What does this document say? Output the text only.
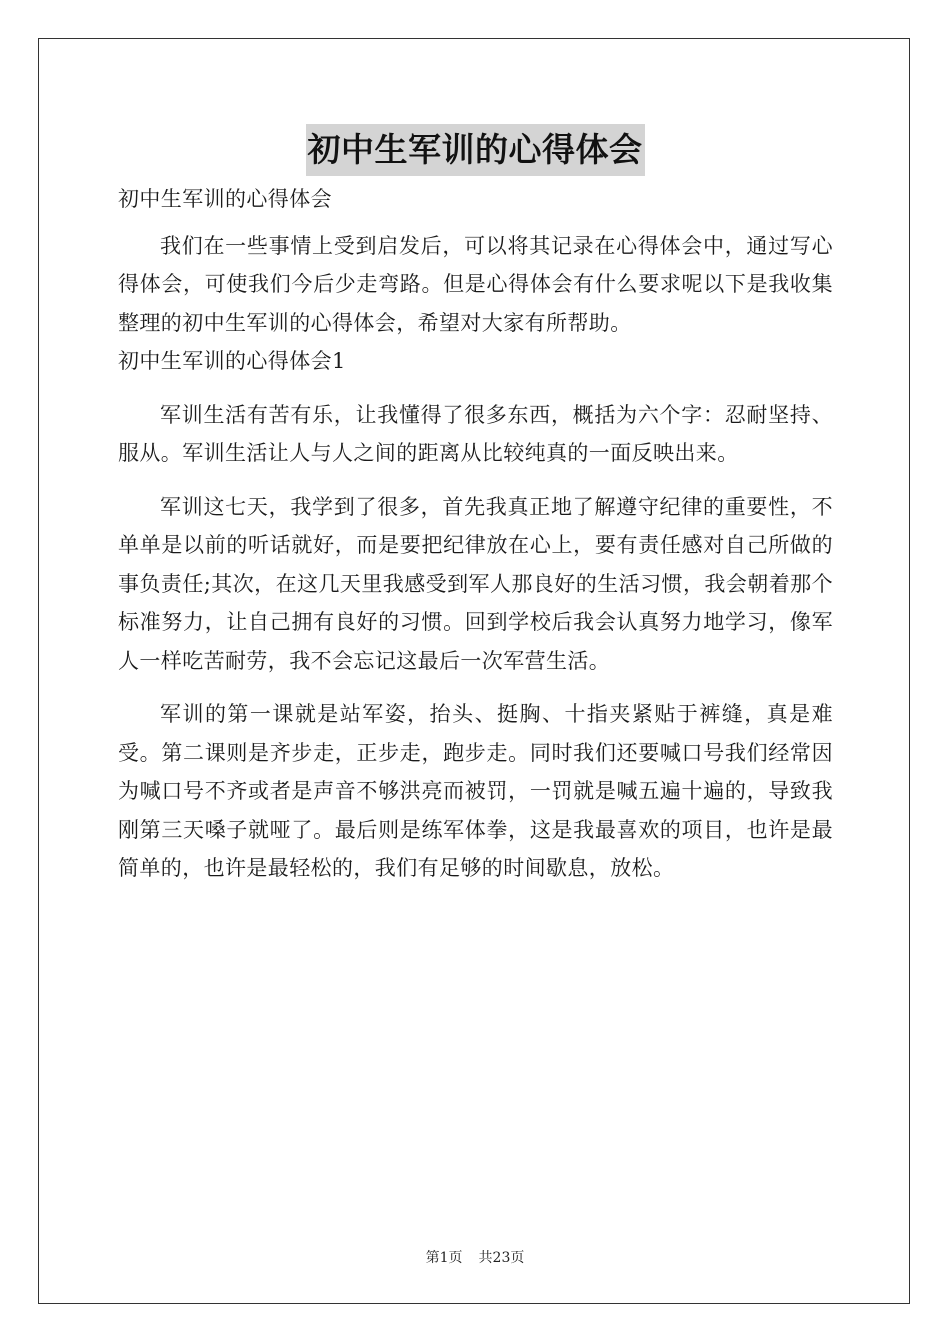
初中生军训的心得体会

初中生军训的心得体会

我们在一些事情上受到启发后，可以将其记录在心得体会中，通过写心得体会，可使我们今后少走弯路。但是心得体会有什么要求呢以下是我收集整理的初中生军训的心得体会，希望对大家有所帮助。

初中生军训的心得体会1

军训生活有苦有乐，让我懂得了很多东西，概括为六个字：忍耐坚持、服从。军训生活让人与人之间的距离从比较纯真的一面反映出来。

军训这七天，我学到了很多，首先我真正地了解遵守纪律的重要性，不单单是以前的听话就好，而是要把纪律放在心上，要有责任感对自己所做的事负责任;其次，在这几天里我感受到军人那良好的生活习惯，我会朝着那个标准努力，让自己拥有良好的习惯。回到学校后我会认真努力地学习，像军人一样吃苦耐劳，我不会忘记这最后一次军营生活。

军训的第一课就是站军姿，抬头、挺胸、十指夹紧贴于裤缝，真是难受。第二课则是齐步走，正步走，跑步走。同时我们还要喊口号我们经常因为喊口号不齐或者是声音不够洪亮而被罚，一罚就是喊五遍十遍的，导致我刚第三天嗓子就哑了。最后则是练军体拳，这是我最喜欢的项目，也许是最简单的，也许是最轻松的，我们有足够的时间歇息，放松。

第1页 共23页
